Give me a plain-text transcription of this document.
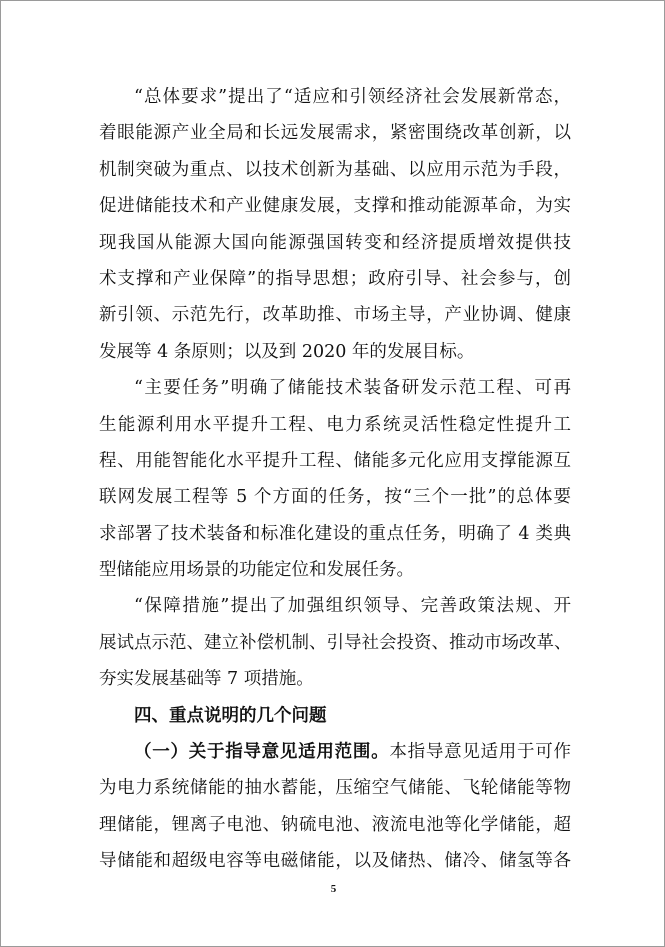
“总体要求”提出了“适应和引领经济社会发展新常态，
着眼能源产业全局和长远发展需求，紧密围绕改革创新，以
机制突破为重点、以技术创新为基础、以应用示范为手段，
促进储能技术和产业健康发展，支撑和推动能源革命，为实
现我国从能源大国向能源强国转变和经济提质增效提供技
术支撑和产业保障”的指导思想；政府引导、社会参与，创
新引领、示范先行，改革助推、市场主导，产业协调、健康
发展等 4 条原则；以及到 2020 年的发展目标。
“主要任务”明确了储能技术装备研发示范工程、可再
生能源利用水平提升工程、电力系统灵活性稳定性提升工
程、用能智能化水平提升工程、储能多元化应用支撑能源互
联网发展工程等 5 个方面的任务，按“三个一批”的总体要
求部署了技术装备和标准化建设的重点任务，明确了 4 类典
型储能应用场景的功能定位和发展任务。
“保障措施”提出了加强组织领导、完善政策法规、开
展试点示范、建立补偿机制、引导社会投资、推动市场改革、
夯实发展基础等 7 项措施。
四、重点说明的几个问题
（一）关于指导意见适用范围。本指导意见适用于可作
为电力系统储能的抽水蓄能，压缩空气储能、飞轮储能等物
理储能，锂离子电池、钠硫电池、液流电池等化学储能，超
导储能和超级电容等电磁储能，以及储热、储冷、储氢等各
5
